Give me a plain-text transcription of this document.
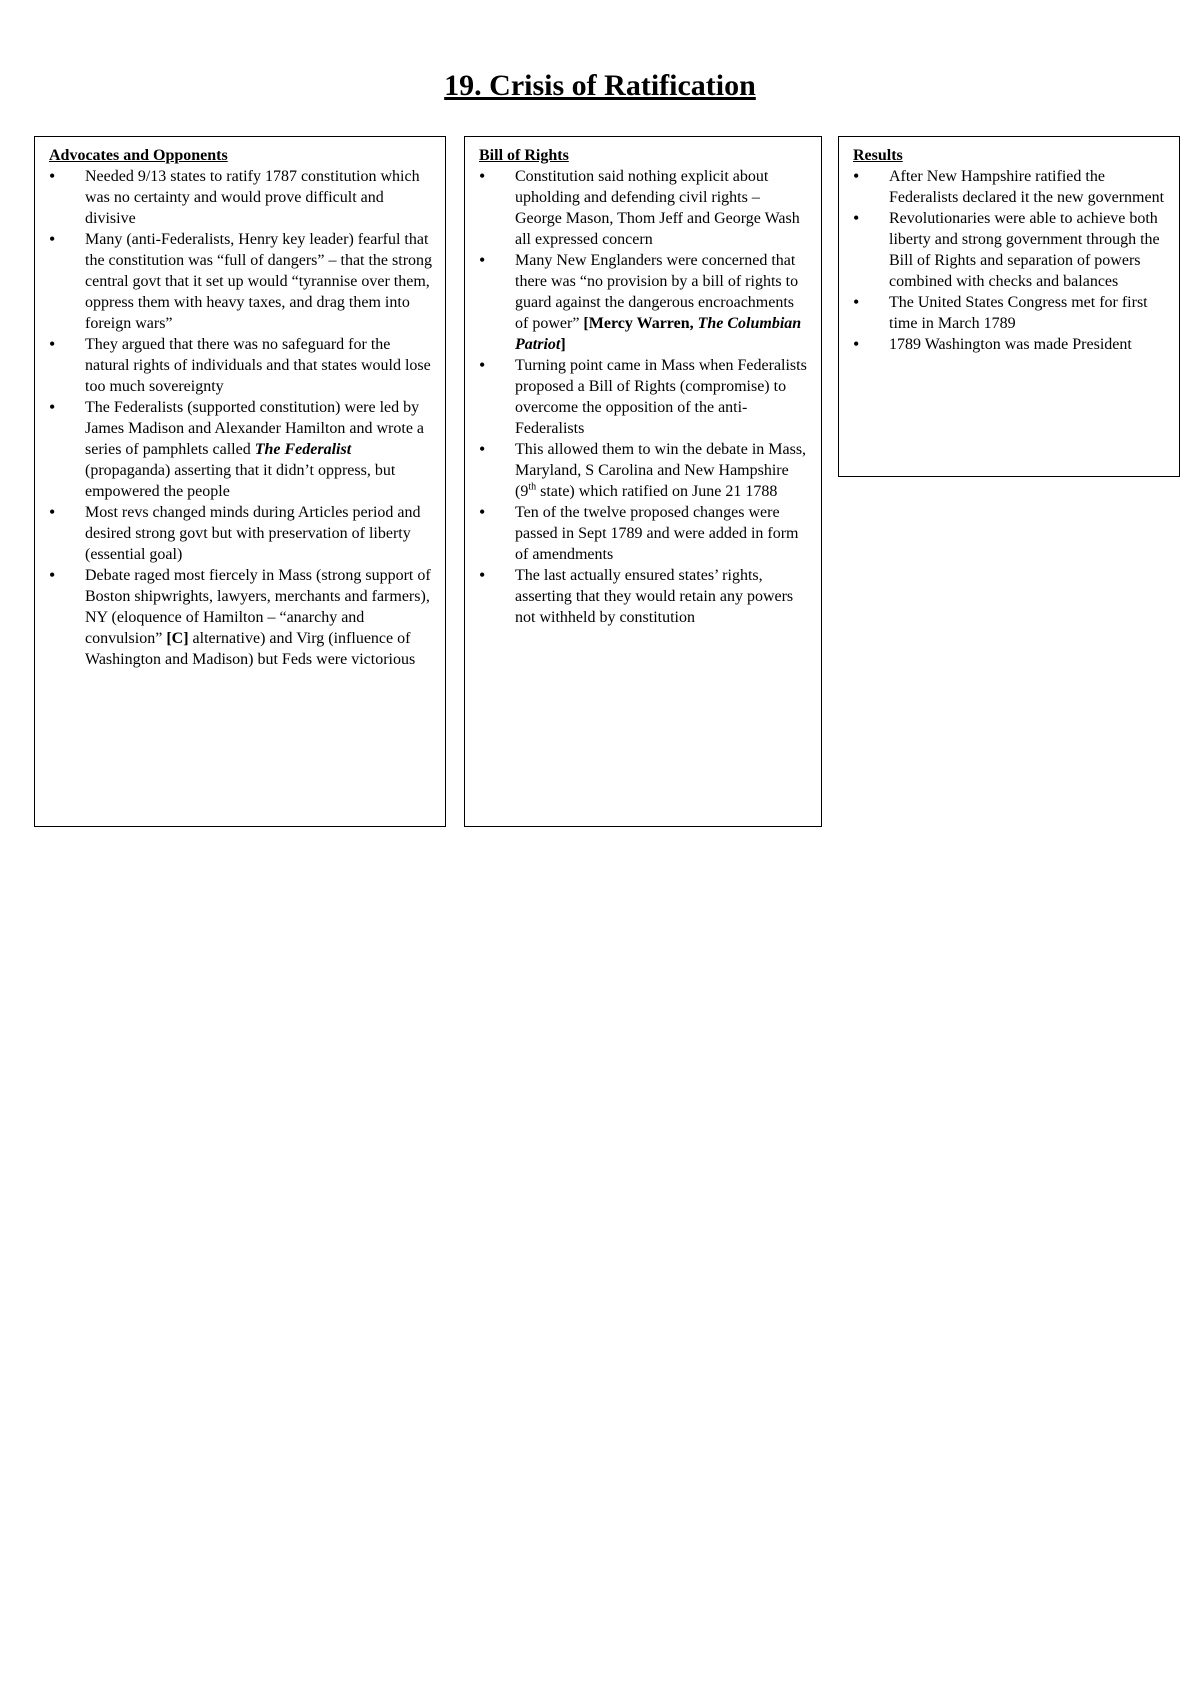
19. Crisis of Ratification
Advocates and Opponents
• Needed 9/13 states to ratify 1787 constitution which was no certainty and would prove difficult and divisive
• Many (anti-Federalists, Henry key leader) fearful that the constitution was “full of dangers” – that the strong central govt that it set up would “tyrannise over them, oppress them with heavy taxes, and drag them into foreign wars”
• They argued that there was no safeguard for the natural rights of individuals and that states would lose too much sovereignty
• The Federalists (supported constitution) were led by James Madison and Alexander Hamilton and wrote a series of pamphlets called The Federalist (propaganda) asserting that it didn’t oppress, but empowered the people
• Most revs changed minds during Articles period and desired strong govt but with preservation of liberty (essential goal)
• Debate raged most fiercely in Mass (strong support of Boston shipwrights, lawyers, merchants and farmers), NY (eloquence of Hamilton – “anarchy and convulsion” [C] alternative) and Virg (influence of Washington and Madison) but Feds were victorious
Bill of Rights
• Constitution said nothing explicit about upholding and defending civil rights – George Mason, Thom Jeff and George Wash all expressed concern
• Many New Englanders were concerned that there was “no provision by a bill of rights to guard against the dangerous encroachments of power” [Mercy Warren, The Columbian Patriot]
• Turning point came in Mass when Federalists proposed a Bill of Rights (compromise) to overcome the opposition of the anti-Federalists
• This allowed them to win the debate in Mass, Maryland, S Carolina and New Hampshire (9th state) which ratified on June 21 1788
• Ten of the twelve proposed changes were passed in Sept 1789 and were added in form of amendments
• The last actually ensured states’ rights, asserting that they would retain any powers not withheld by constitution
Results
• After New Hampshire ratified the Federalists declared it the new government
• Revolutionaries were able to achieve both liberty and strong government through the Bill of Rights and separation of powers combined with checks and balances
• The United States Congress met for first time in March 1789
• 1789 Washington was made President
